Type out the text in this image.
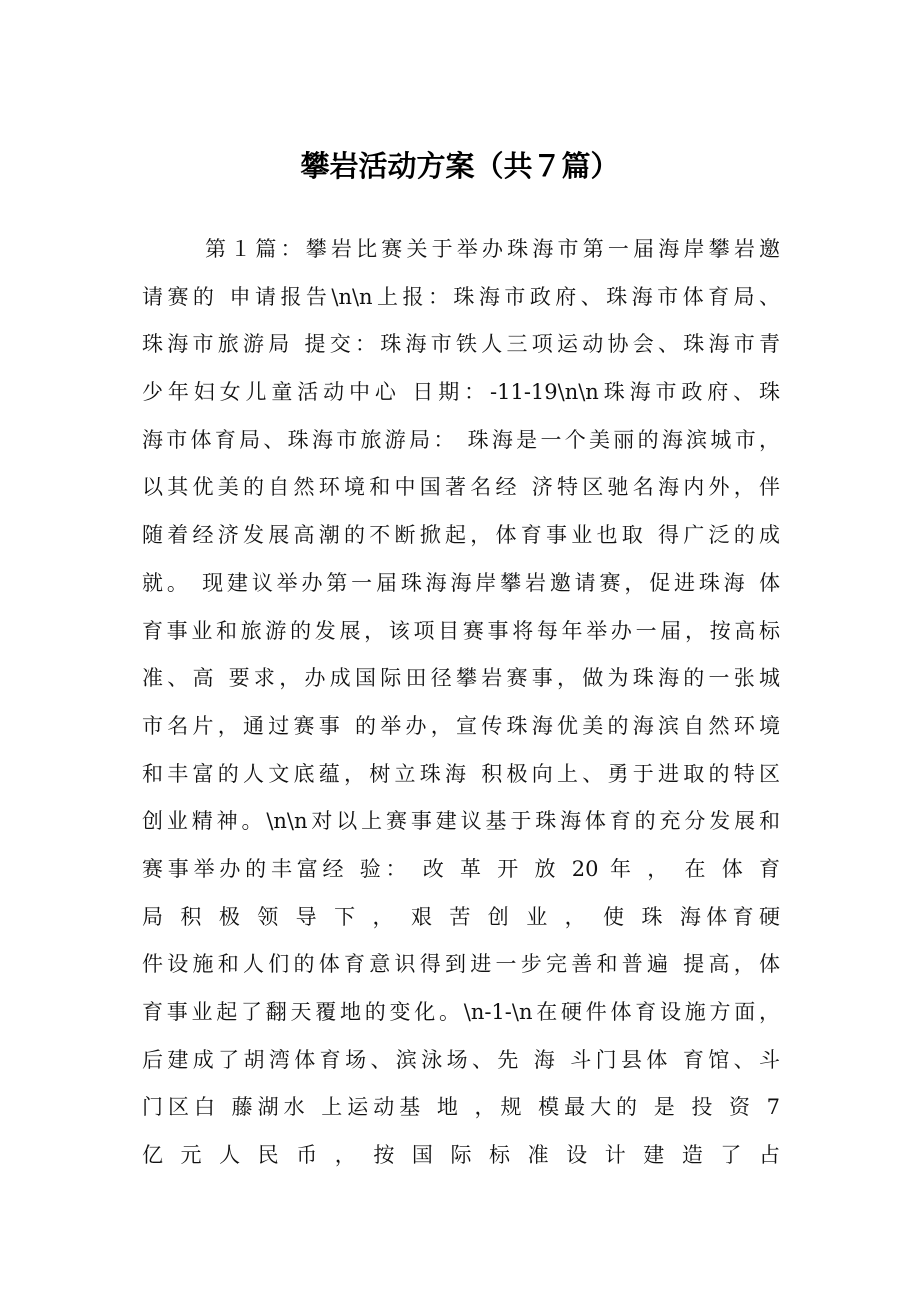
攀岩活动方案（共７篇）
第１篇：攀岩比赛关于举办珠海市第一届海岸攀岩邀
请赛的 申请报告\n\n上报：珠海市政府、珠海市体育局、
珠海市旅游局 提交：珠海市铁人三项运动协会、珠海市青
少年妇女儿童活动中心 日期：-11-19\n\n珠海市政府、珠
海市体育局、珠海市旅游局： 珠海是一个美丽的海滨城市，
以其优美的自然环境和中国著名经 济特区驰名海内外，伴
随着经济发展高潮的不断掀起，体育事业也取 得广泛的成
就。 现建议举办第一届珠海海岸攀岩邀请赛，促进珠海 体
育事业和旅游的发展，该项目赛事将每年举办一届，按高标
准、高 要求，办成国际田径攀岩赛事，做为珠海的一张城
市名片，通过赛事 的举办，宣传珠海优美的海滨自然环境
和丰富的人文底蕴，树立珠海 积极向上、勇于进取的特区
创业精神。\n\n对以上赛事建议基于珠海体育的充分发展和
赛事举办的丰富经 验： 改 革 开 放 20 年 ， 在 体 育
局 积 极 领 导 下 ， 艰 苦 创 业 ， 使 珠 海体育硬
件设施和人们的体育意识得到进一步完善和普遍 提高，体
育事业起了翻天覆地的变化。\n-1-\n在硬件体育设施方面，
后建成了胡湾体育场、滨泳场、先 海 斗门县体 育馆、斗
门区白 藤湖水 上运动基 地 ，规 模最大的 是 投 资 7
亿 元 人 民 币 ， 按 国 际 标 准 设 计 建 造 了 占
